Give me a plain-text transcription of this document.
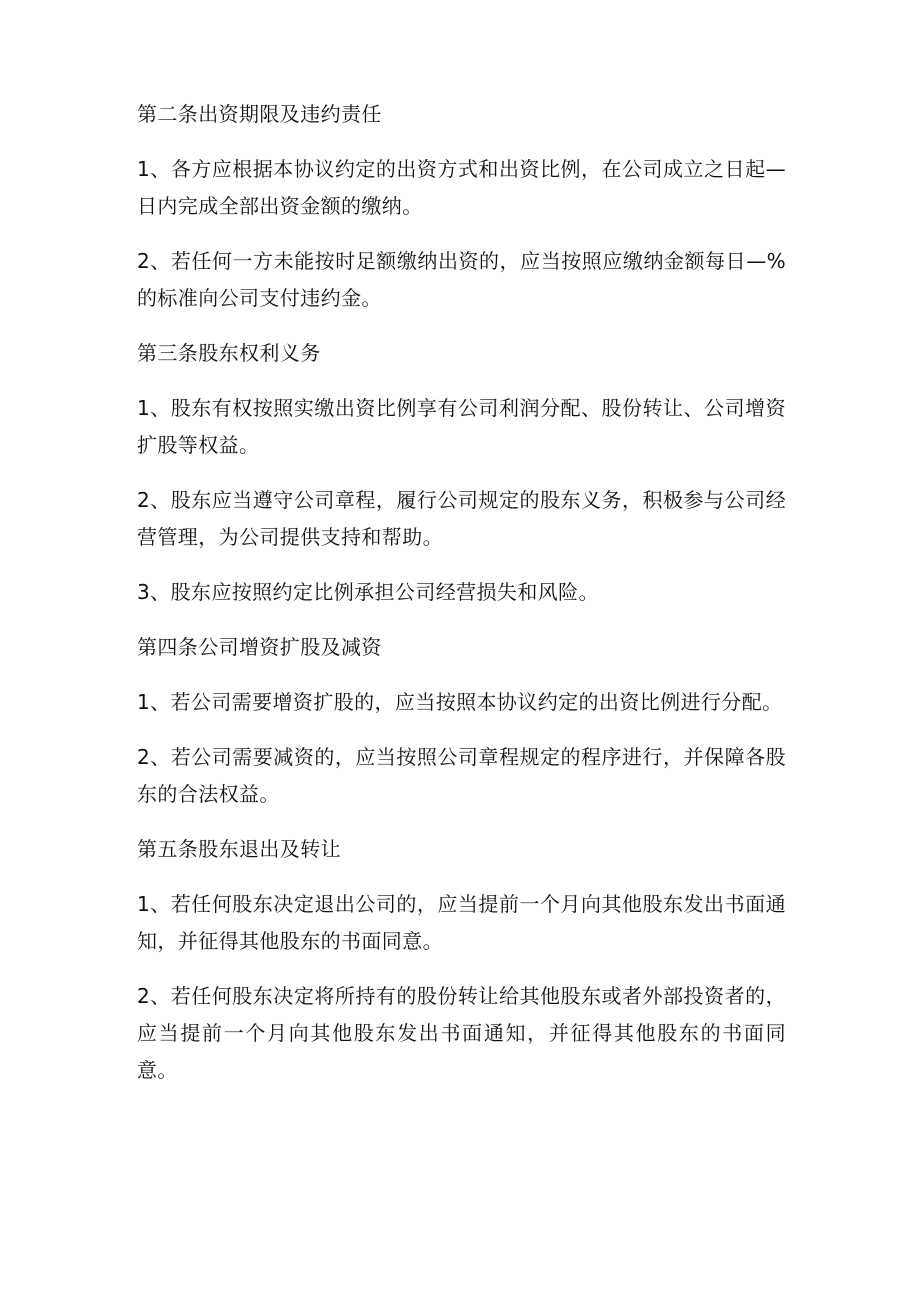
第二条出资期限及违约责任

1、各方应根据本协议约定的出资方式和出资比例，在公司成立之日起—日内完成全部出资金额的缴纳。

2、若任何一方未能按时足额缴纳出资的，应当按照应缴纳金额每日—%的标准向公司支付违约金。

第三条股东权利义务

1、股东有权按照实缴出资比例享有公司利润分配、股份转让、公司增资扩股等权益。

2、股东应当遵守公司章程，履行公司规定的股东义务，积极参与公司经营管理，为公司提供支持和帮助。

3、股东应按照约定比例承担公司经营损失和风险。

第四条公司增资扩股及减资

1、若公司需要增资扩股的，应当按照本协议约定的出资比例进行分配。

2、若公司需要减资的，应当按照公司章程规定的程序进行，并保障各股东的合法权益。

第五条股东退出及转让

1、若任何股东决定退出公司的，应当提前一个月向其他股东发出书面通知，并征得其他股东的书面同意。

2、若任何股东决定将所持有的股份转让给其他股东或者外部投资者的，应当提前一个月向其他股东发出书面通知，并征得其他股东的书面同意。
